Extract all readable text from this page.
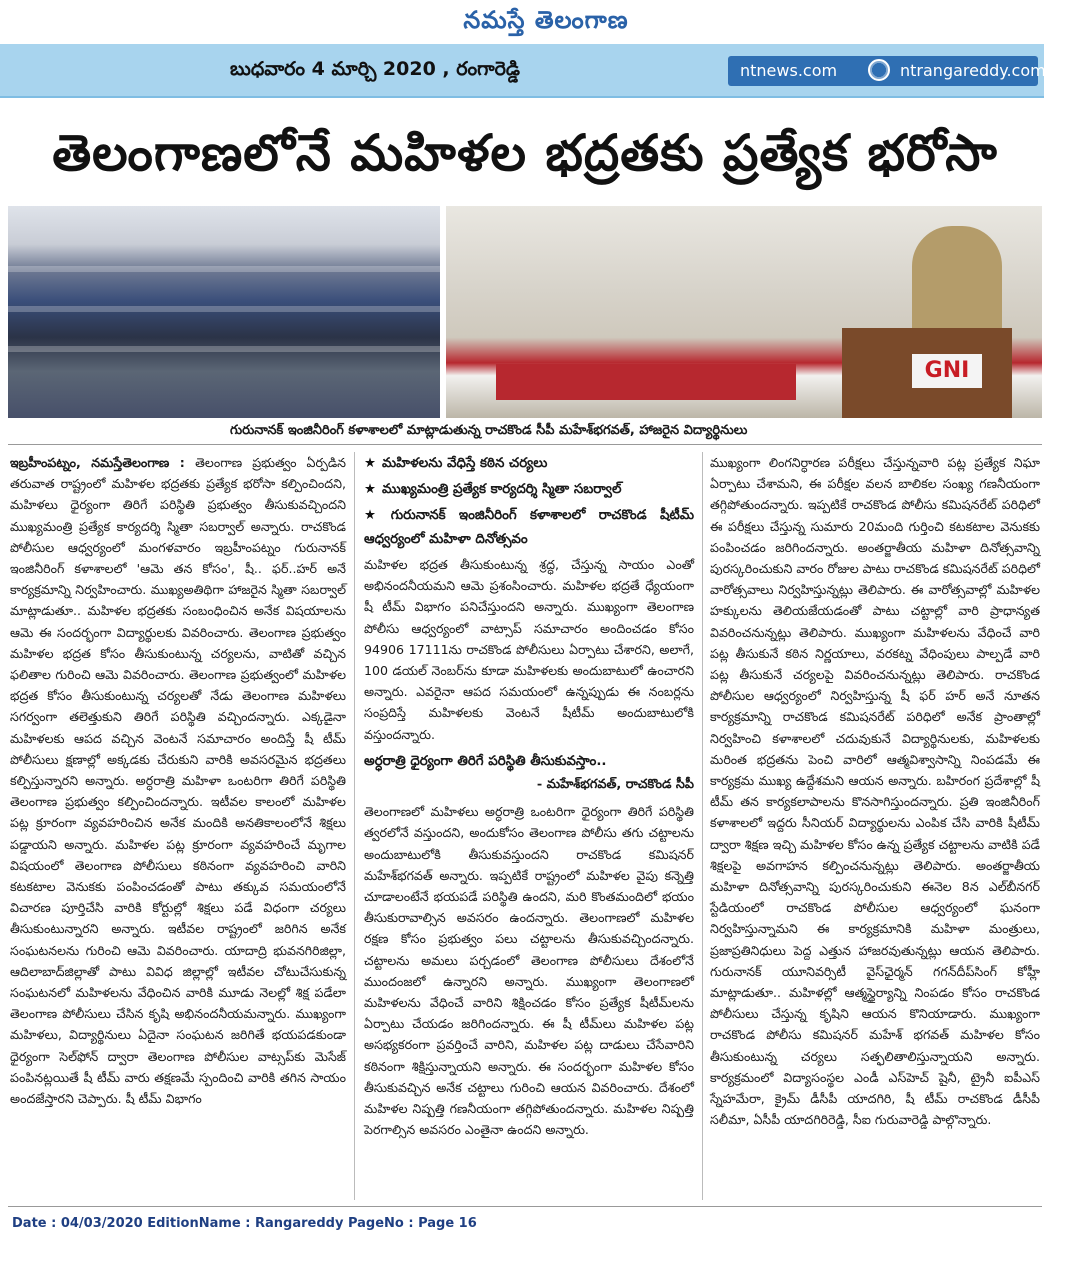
నమస్తే తెలంగాణ
బుధవారం 4 మార్చి 2020 , రంగారెడ్డి	ntnews.com	ntrangareddy.com
తెలంగాణలోనే మహిళల భద్రతకు ప్రత్యేక భరోసా
GNI
గురునానక్ ఇంజినీరింగ్ కళాశాలలో మాట్లాడుతున్న రాచకొండ సీపీ మహేశ్‌భగవత్, హాజరైన విద్యార్థినులు

ఇబ్రహీంపట్నం, నమస్తేతెలంగాణ : తెలంగాణ ప్రభుత్వం ఏర్పడిన తరువాత రాష్ట్రంలో మహిళల భద్రతకు ప్రత్యేక భరోసా కల్పించిందని, మహిళలు ధైర్యంగా తిరిగే పరిస్థితి ప్రభుత్వం తీసుకువచ్చిందని ముఖ్యమంత్రి ప్రత్యేక కార్యదర్శి స్మితా సబర్వాల్ అన్నారు. రాచకొండ పోలీసుల ఆధ్వర్యంలో మంగళవారం ఇబ్రహీంపట్నం గురునానక్ ఇంజినీరింగ్ కళాశాలలో 'ఆమె తన కోసం', షీ.. ఫర్..హర్ అనే కార్యక్రమాన్ని నిర్వహించారు. ముఖ్యఅతిథిగా హాజరైన స్మితా సబర్వాల్ మాట్లాడుతూ.. మహిళల భద్రతకు సంబంధించిన అనేక విషయాలను ఆమె ఈ సందర్భంగా విద్యార్థులకు వివరించారు. తెలంగాణ ప్రభుత్వం మహిళల భద్రత కోసం తీసుకుంటున్న చర్యలను, వాటితో వచ్చిన ఫలితాల గురించి ఆమె వివరించారు. తెలంగాణ ప్రభుత్వంలో మహిళల భద్రత కోసం తీసుకుంటున్న చర్యలతో నేడు తెలంగాణ మహిళలు సగర్వంగా తలెత్తుకుని తిరిగే పరిస్థితి వచ్చిందన్నారు. ఎక్కడైనా మహిళలకు ఆపద వచ్చిన వెంటనే సమాచారం అందిస్తే షీ టీమ్ పోలీసులు క్షణాల్లో అక్కడకు చేరుకుని వారికి అవసరమైన భద్రతలు కల్పిస్తున్నారని అన్నారు. అర్ధరాత్రి మహిళా ఒంటరిగా తిరిగే పరిస్థితి తెలంగాణ ప్రభుత్వం కల్పించిందన్నారు. ఇటీవల కాలంలో మహిళల పట్ల క్రూరంగా వ్యవహరించిన అనేక మందికి అనతికాలంలోనే శిక్షలు పడ్డాయని అన్నారు. మహిళల పట్ల క్రూరంగా వ్యవహరించే మృగాల విషయంలో తెలంగాణ పోలీసులు కఠినంగా వ్యవహరించి వారిని కటకటాల వెనుకకు పంపించడంతో పాటు తక్కువ సమయంలోనే విచారణ పూర్తిచేసి వారికి కోర్టుల్లో శిక్షలు పడే విధంగా చర్యలు తీసుకుంటున్నారని అన్నారు. ఇటీవల రాష్ట్రంలో జరిగిన అనేక సంఘటనలను గురించి ఆమె వివరించారు. యాదాద్రి భువనగిరిజిల్లా, ఆదిలాబాద్‌జిల్లాతో పాటు వివిధ జిల్లాల్లో ఇటీవల చోటుచేసుకున్న సంఘటనలో మహిళలను వేధించిన వారికి మూడు నెలల్లో శిక్ష పడేలా తెలంగాణ పోలీసులు చేసిన కృషి అభినందనీయమన్నారు. ముఖ్యంగా మహిళలు, విద్యార్థినులు ఏదైనా సంఘటన జరిగితే భయపడకుండా ధైర్యంగా సెల్‌ఫోన్ ద్వారా తెలంగాణ పోలీసుల వాట్సప్‌కు మెసేజ్ పంపినట్లయితే షీ టీమ్ వారు తక్షణమే స్పందించి వారికి తగిన సాయం అందజేస్తారని చెప్పారు. షీ టీమ్ విభాగం

★ మహిళలను వేధిస్తే కఠిన చర్యలు

★ ముఖ్యమంత్రి ప్రత్యేక కార్యదర్శి స్మితా సబర్వాల్

★ గురునానక్ ఇంజినీరింగ్ కళాశాలలో రాచకొండ షీటీమ్ ఆధ్వర్యంలో మహిళా దినోత్సవం

మహిళల భద్రత తీసుకుంటున్న శ్రద్ధ, చేస్తున్న సాయం ఎంతో అభినందనీయమని ఆమె ప్రశంసించారు. మహిళల భద్రతే ధ్యేయంగా షీ టీమ్ విభాగం పనిచేస్తుందని అన్నారు. ముఖ్యంగా తెలంగాణ పోలీసు ఆధ్వర్యంలో వాట్సాప్ సమాచారం అందించడం కోసం 94906 17111ను రాచకొండ పోలీసులు ఏర్పాటు చేశారని, అలాగే, 100 డయల్ నెంబర్‌ను కూడా మహిళలకు అందుబాటులో ఉంచారని అన్నారు. ఎవరైనా ఆపద సమయంలో ఉన్నప్పుడు ఈ నంబర్లను సంప్రదిస్తే మహిళలకు వెంటనే షీటీమ్ అందుబాటులోకి వస్తుందన్నారు.

అర్ధరాత్రి ధైర్యంగా తిరిగే పరిస్థితి తీసుకువస్తాం..

- మహేశ్‌భగవత్, రాచకొండ సీపీ

తెలంగాణలో మహిళలు అర్ధరాత్రి ఒంటరిగా ధైర్యంగా తిరిగే పరిస్థితి త్వరలోనే వస్తుందని, అందుకోసం తెలంగాణ పోలీసు తగు చట్టాలను అందుబాటులోకి తీసుకువస్తుందని రాచకొండ కమిషనర్ మహేశ్‌భగవత్ అన్నారు. ఇప్పటికే రాష్ట్రంలో మహిళల వైపు కన్నెత్తి చూడాలంటేనే భయపడే పరిస్థితి ఉందని, మరి కొంతమందిలో భయం తీసుకురావాల్సిన అవసరం ఉందన్నారు. తెలంగాణలో మహిళల రక్షణ కోసం ప్రభుత్వం పలు చట్టాలను తీసుకువచ్చిందన్నారు. చట్టాలను అమలు పర్చడంలో తెలంగాణ పోలీసులు దేశంలోనే ముందంజలో ఉన్నారని అన్నారు. ముఖ్యంగా తెలంగాణలో మహిళలను వేధించే వారిని శిక్షించడం కోసం ప్రత్యేక షీటీమ్‌లను ఏర్పాటు చేయడం జరిగిందన్నారు. ఈ షీ టీమ్‌లు మహిళల పట్ల అసభ్యకరంగా ప్రవర్తించే వారిని, మహిళల పట్ల దాడులు చేసేవారిని కఠినంగా శిక్షిస్తున్నాయని అన్నారు. ఈ సందర్భంగా మహిళల కోసం తీసుకువచ్చిన అనేక చట్టాలు గురించి ఆయన వివరించారు. దేశంలో మహిళల నిష్పత్తి గణనీయంగా తగ్గిపోతుందన్నారు. మహిళల నిష్పత్తి పెరగాల్సిన అవసరం ఎంతైనా ఉందని అన్నారు.

ముఖ్యంగా లింగనిర్ధారణ పరీక్షలు చేస్తున్నవారి పట్ల ప్రత్యేక నిఘా ఏర్పాటు చేశామని, ఈ పరీక్షల వలన బాలికల సంఖ్య గణనీయంగా తగ్గిపోతుందన్నారు. ఇప్పటికే రాచకొండ పోలీసు కమిషనరేట్ పరిధిలో ఈ పరీక్షలు చేస్తున్న సుమారు 20మంది గుర్తించి కటకటాల వెనుకకు పంపించడం జరిగిందన్నారు. అంతర్జాతీయ మహిళా దినోత్సవాన్ని పురస్కరించుకుని వారం రోజుల పాటు రాచకొండ కమిషనరేట్ పరిధిలో వారోత్సవాలు నిర్వహిస్తున్నట్లు తెలిపారు. ఈ వారోత్సవాల్లో మహిళల హక్కులను తెలియజేయడంతో పాటు చట్టాల్లో వారి ప్రాధాన్యత వివరించనున్నట్లు తెలిపారు. ముఖ్యంగా మహిళలను వేధించే వారి పట్ల తీసుకునే కఠిన నిర్ణయాలు, వరకట్న వేధింపులు పాల్పడే వారి పట్ల తీసుకునే చర్యలపై వివరించనున్నట్లు తెలిపారు. రాచకొండ పోలీసుల ఆధ్వర్యంలో నిర్వహిస్తున్న షీ ఫర్ హర్ అనే నూతన కార్యక్రమాన్ని రాచకొండ కమిషనరేట్ పరిధిలో అనేక ప్రాంతాల్లో నిర్వహించి కళాశాలలో చదువుకునే విద్యార్థినులకు, మహిళలకు మరింత భద్రతను పెంచి వారిలో ఆత్మవిశ్వాసాన్ని నింపడమే ఈ కార్యక్రమ ముఖ్య ఉద్దేశమని ఆయన అన్నారు. బహిరంగ ప్రదేశాల్లో షీ టీమ్ తన కార్యకలాపాలను కొనసాగిస్తుందన్నారు. ప్రతి ఇంజినీరింగ్ కళాశాలలో ఇద్దరు సీనియర్ విద్యార్థులను ఎంపిక చేసి వారికి షీటీమ్ ద్వారా శిక్షణ ఇచ్చి మహిళల కోసం ఉన్న ప్రత్యేక చట్టాలను వాటికి పడే శిక్షలపై అవగాహన కల్పించనున్నట్లు తెలిపారు. అంతర్జాతీయ మహిళా దినోత్సవాన్ని పురస్కరించుకుని ఈనెల 8న ఎల్‌బీనగర్ స్టేడియంలో రాచకొండ పోలీసుల ఆధ్వర్యంలో ఘనంగా నిర్వహిస్తున్నామని ఈ కార్యక్రమానికి మహిళా మంత్రులు, ప్రజాప్రతినిధులు పెద్ద ఎత్తున హాజరవుతున్నట్లు ఆయన తెలిపారు. గురునానక్ యూనివర్సిటీ వైస్‌ఛైర్మన్ గగన్‌దీప్‌సింగ్ కోహ్లీ మాట్లాడుతూ.. మహిళల్లో ఆత్మస్థైర్యాన్ని నింపడం కోసం రాచకొండ పోలీసులు చేస్తున్న కృషిని ఆయన కొనియాడారు. ముఖ్యంగా రాచకొండ పోలీసు కమిషనర్ మహేశ్ భగవత్ మహిళల కోసం తీసుకుంటున్న చర్యలు సత్ఫలితాలిస్తున్నాయని అన్నారు. కార్యక్రమంలో విద్యాసంస్థల ఎండీ ఎస్‌హెచ్ షైనీ, ట్రైనీ ఐపీఎస్ స్నేహమేరా, క్రైమ్ డీసీపీ యాదగిరి, షీ టీమ్ రాచకొండ డీసీపీ సలీమా, ఏసీపీ యాదగిరిరెడ్డి, సీఐ గురువారెడ్డి పాల్గొన్నారు.

Date : 04/03/2020 EditionName : Rangareddy PageNo : Page 16
